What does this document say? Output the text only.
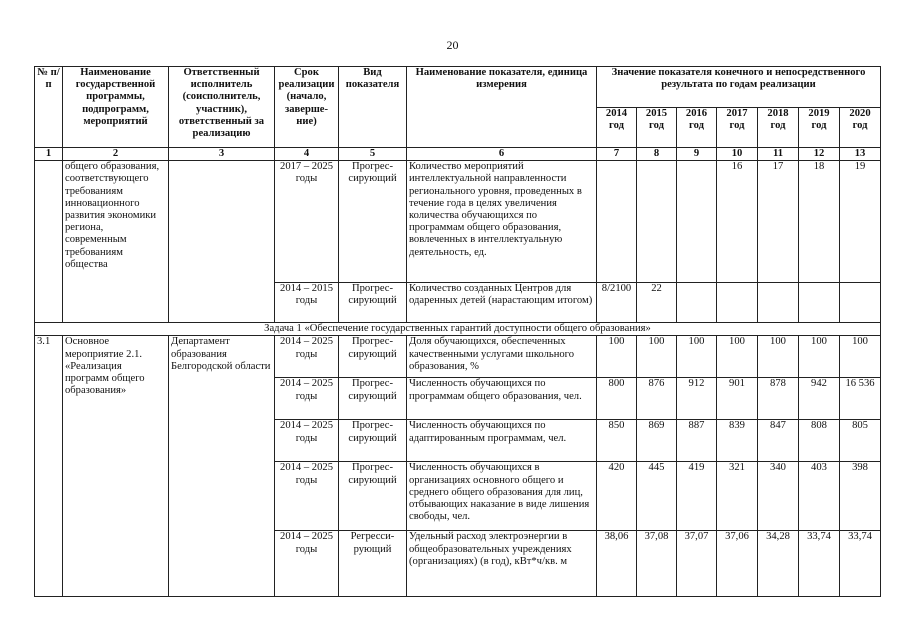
20
№ п/п	Наименование государственной программы, подпрограмм, мероприятий	Ответственный исполнитель (соисполнитель, участник), ответственный за реализацию	Срок реализации (начало, заверше- ние)	Вид показателя	Наименование показателя, единица измерения	Значение показателя конечного и непосредственного результата по годам реализации						
						2014 год	2015 год	2016 год	2017 год	2018 год	2019 год	2020 год
1	2	3	4	5	6	7	8	9	10	11	12	13
	общего образования, соответствующего требованиям инновационного развития экономики региона, современным требованиям общества		2017 – 2025 годы	Прогрес- сирующий	Количество мероприятий интеллектуальной направленности регионального уровня, проведенных в течение года в целях увеличения количества обучающихся по программам общего образования, вовлеченных в интеллектуальную деятельность, ед.				16	17	18	19
			2014 – 2015 годы	Прогрес- сирующий	Количество созданных Центров для одаренных детей (нарастающим итогом)	8/2100	22					
Задача 1 «Обеспечение государственных гарантий доступности общего образования»												
3.1	Основное мероприятие 2.1. «Реализация программ общего образования»	Департамент образования Белгородской области	2014 – 2025 годы	Прогрес- сирующий	Доля обучающихся, обеспеченных качественными услугами школьного образования, %	100	100	100	100	100	100	100
			2014 – 2025 годы	Прогрес- сирующий	Численность обучающихся по программам общего образования, чел.	800	876	912	901	878	942	16 536
			2014 – 2025 годы	Прогрес- сирующий	Численность обучающихся по адаптированным программам, чел.	850	869	887	839	847	808	805
			2014 – 2025 годы	Прогрес- сирующий	Численность обучающихся в организациях основного общего и среднего общего образования для лиц, отбывающих наказание в виде лишения свободы, чел.	420	445	419	321	340	403	398
			2014 – 2025 годы	Регресси- рующий	Удельный расход электроэнергии в общеобразовательных учреждениях (организациях) (в год), кВт*ч/кв. м	38,06	37,08	37,07	37,06	34,28	33,74	33,74
